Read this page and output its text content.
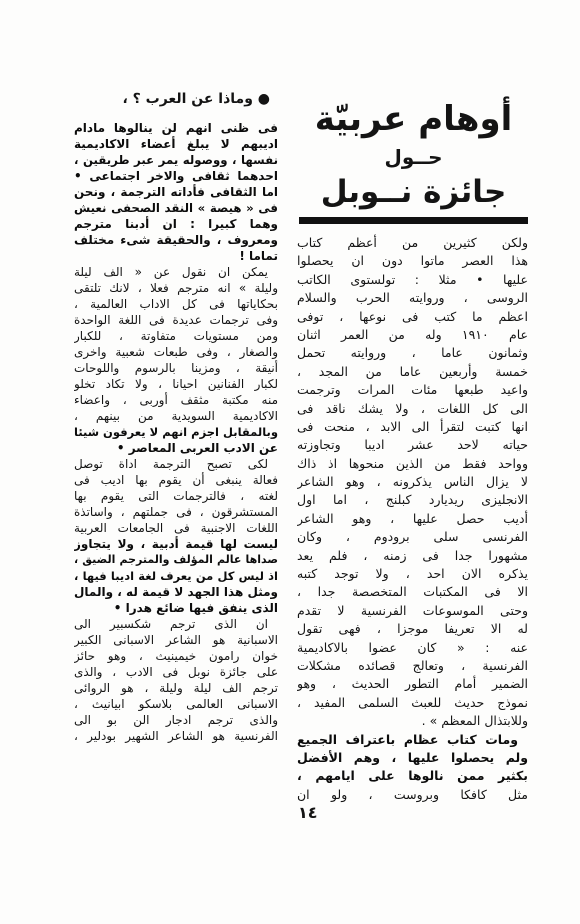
● وماذا عن العرب ؟ ،	أوهام عربيّة
حــول
جائزة نــوبل
فى ظنى انهم لن ينالوها مادام
اديبهم لا يبلغ أعضاء الاكاديمية
نفسها ، ووصوله يمر عبر طريقين ،
احدهما ثقافى والاخر اجتماعى •
اما الثقافى فأداته الترجمة ، ونحن
فى « هيصة » النقد الصحفى نعيش
وهما كبيرا : ان أدبنا مترجم
ومعروف ، والحقيقة شىء مختلف
تماما !
يمكن ان نقول عن « الف ليلة
وليلة » انه مترجم فعلا ، لانك تلتقى
بحكاياتها فى كل الاداب العالمية ،
وفى ترجمات عديدة فى اللغة الواحدة
ومن مستويات متفاوتة ، للكبار
والصغار ، وفى طبعات شعبية واخرى
أنيقة ، ومزينا بالرسوم واللوحات
لكبار الفنانين احيانا ، ولا تكاد تخلو
منه مكتبة مثقف أوربى ، واعضاء
الاكاديمية السويدية من بينهم ،
وبالمقابل اجزم انهم لا يعرفون شيئا
عن الادب العربى المعاصر •
لكى تصبح الترجمة اداة توصل
فعالة ينبغى أن يقوم بها اديب فى
لغته ، فالترجمات التى يقوم بها
المستشرقون ، فى جملتهم ، واساتذة
اللغات الاجنبية فى الجامعات العربية
ليست لها قيمة أدبية ، ولا يتجاوز
صداها عالم المؤلف والمترجم الضيق ،
اذ ليس كل من يعرف لغة اديبا فيها ،
ومثل هذا الجهد لا قيمة له ، والمال
الذى ينفق فيها ضائع هدرا •
ان الذى ترجم شكسبير الى
الاسبانية هو الشاعر الاسبانى الكبير
خوان رامون خيمينيث ، وهو حائز
على جائزة نوبل فى الادب ، والذى
ترجم الف ليلة وليلة ، هو الروائى
الاسبانى العالمى بلاسكو ابيانيث ،
والذى ترجم ادجار الن بو الى
الفرنسية هو الشاعر الشهير بودلير ،
ولكن كثيرين من أعظم كتاب
هذا العصر ماتوا دون ان يحصلوا
عليها • مثلا : تولستوى الكاتب
الروسى ، وروايته الحرب والسلام
اعظم ما كتب فى نوعها ، توفى
عام ١٩١٠ وله من العمر اثنان
وثمانون عاما ، وروايته تحمل
خمسة وأربعين عاما من المجد ،
واعيد طبعها مئات المرات وترجمت
الى كل اللغات ، ولا يشك ناقد فى
انها كتبت لتقرأ الى الابد ، منحت فى
حياته لاحد عشر اديبا وتجاوزته
وواحد فقط من الذين منحوها اذ ذاك
لا يزال الناس يذكرونه ، وهو الشاعر
الانجليزى ريديارد كبلنج ، اما اول
أديب حصل عليها ، وهو الشاعر
الفرنسى سلى برودوم ، وكان
مشهورا جدا فى زمنه ، فلم يعد
يذكره الان احد ، ولا توجد كتبه
الا فى المكتبات المتخصصة جدا ،
وحتى الموسوعات الفرنسية لا تقدم
له الا تعريفا موجزا ، فهى تقول
عنه : « كان عضوا بالاكاديمية
الفرنسية ، وتعالج قصائده مشكلات
الضمير أمام التطور الحديث ، وهو
نموذج حديث للعبث السلمى المفيد ،
وللابتذال المعظم » .
ومات كتاب عظام باعتراف الجميع
ولم يحصلوا عليها ، وهم الأفضل
بكثير ممن نالوها على ايامهم ،
مثل كافكا وبروست ، ولو ان
١٤
